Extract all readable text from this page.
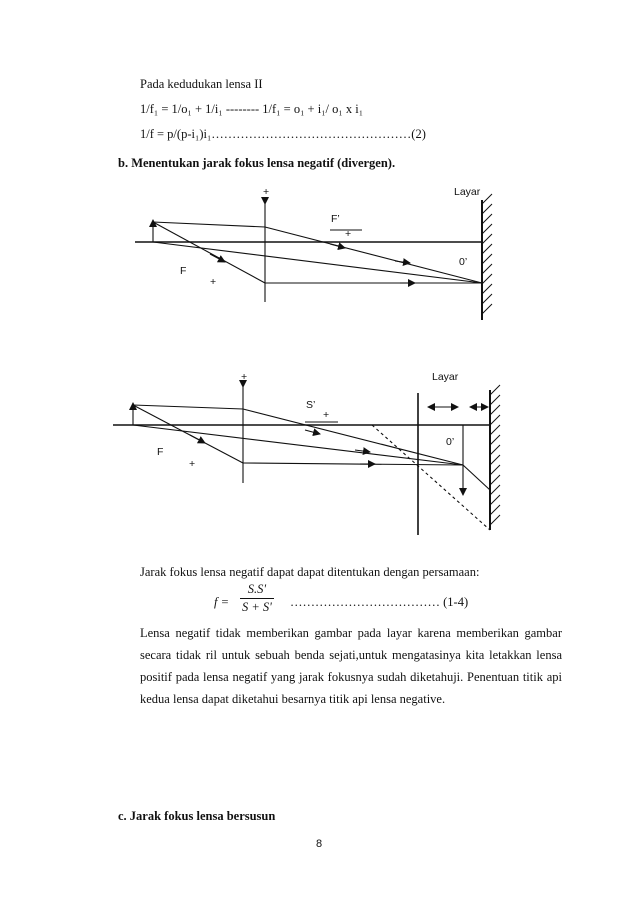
Pada kedudukan lensa II
1/f₁ = 1/o₁ + 1/i₁ -------- 1/f₁ = o₁ + i₁/ o₁ x i₁
1/f = p/(p-i₁)i₁…………………………………………(2)
b. Menentukan jarak fokus lensa negatif (divergen).
+	Layar
F’
+
0’
F
+
+	Layar
S’
+
0’
F
+
Jarak fokus lensa negatif dapat dapat ditentukan dengan persamaan:
$f = \frac{S.S'}{S + S'}$ ……………………………… (1-4)
Lensa negatif tidak memberikan gambar pada layar karena memberikan gambar secara tidak ril untuk sebuah benda sejati,untuk mengatasinya kita letakkan lensa positif pada lensa negatif yang jarak fokusnya sudah diketahuji. Penentuan titik api kedua lensa dapat diketahui besarnya titik api lensa negative.
c. Jarak fokus lensa bersusun
8
